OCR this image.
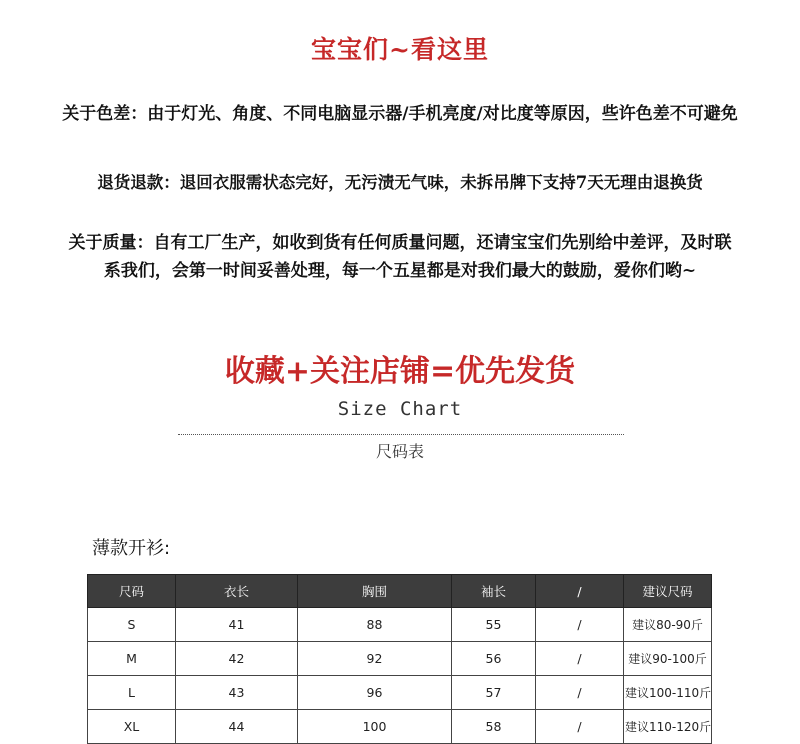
宝宝们~看这里
关于色差：由于灯光、角度、不同电脑显示器/手机亮度/对比度等原因，些许色差不可避免
退货退款：退回衣服需状态完好，无污渍无气味，未拆吊牌下支持7天无理由退换货
关于质量：自有工厂生产，如收到货有任何质量问题，还请宝宝们先别给中差评，及时联
系我们，会第一时间妥善处理，每一个五星都是对我们最大的鼓励，爱你们哟~
收藏+关注店铺=优先发货
Size Chart
尺码表
薄款开衫:
尺码	衣长	胸围	袖长	/	建议尺码
S	41	88	55	/	建议80-90斤
M	42	92	56	/	建议90-100斤
L	43	96	57	/	建议100-110斤
XL	44	100	58	/	建议110-120斤
